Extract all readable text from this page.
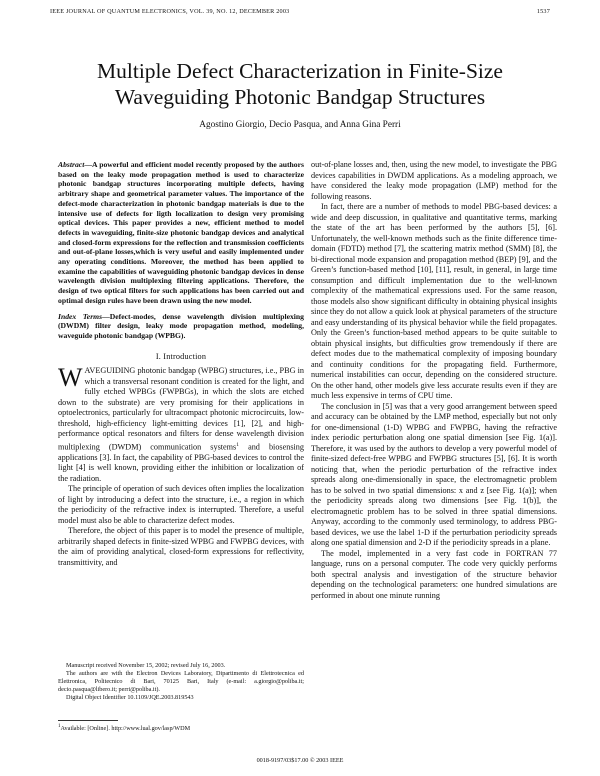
IEEE JOURNAL OF QUANTUM ELECTRONICS, VOL. 39, NO. 12, DECEMBER 2003	1537
Multiple Defect Characterization in Finite-Size
Waveguiding Photonic Bandgap Structures
Agostino Giorgio, Decio Pasqua, and Anna Gina Perri
Abstract—A powerful and efficient model recently proposed by the authors based on the leaky mode propagation method is used to characterize photonic bandgap structures incorporating multiple defects, having arbitrary shape and geometrical parameter values. The importance of the defect-mode characterization in photonic bandgap materials is due to the intensive use of defects for ligth localization to design very promising optical devices. This paper provides a new, efficient method to model defects in waveguiding, finite-size photonic bandgap devices and analytical and closed-form expressions for the reflection and transmission coefficients and out-of-plane losses,which is very useful and easily implemented under any operating conditions. Moreover, the method has been applied to examine the capabilities of waveguiding photonic bandgap devices in dense wavelength division multiplexing filtering applications. Therefore, the design of two optical filters for such applications has been carried out and optimal design rules have been drawn using the new model.
Index Terms—Defect-modes, dense wavelength division multiplexing (DWDM) filter design, leaky mode propagation method, modeling, waveguide photonic bandgap (WPBG).
I. Introduction

WAVEGUIDING photonic bandgap (WPBG) structures, i.e., PBG in which a transversal resonant condition is created for the light, and fully etched WPBGs (FWPBGs), in which the slots are etched down to the substrate) are very promising for their applications in optoelectronics, particularly for ultracompact photonic microcircuits, low-threshold, high-efficiency light-emitting devices [1], [2], and high-performance optical resonators and filters for dense wavelength division multiplexing (DWDM) communication systems$^1$ and biosensing applications [3]. In fact, the capability of PBG-based devices to control the light [4] is well known, providing either the inhibition or localization of the radiation.

The principle of operation of such devices often implies the localization of light by introducing a defect into the structure, i.e., a region in which the periodicity of the refractive index is interrupted. Therefore, a useful model must also be able to characterize defect modes.

Therefore, the object of this paper is to model the presence of multiple, arbitrarily shaped defects in finite-sized WPBG and FWPBG devices, with the aim of providing analytical, closed-form expressions for reflectivity, transmittivity, and

out-of-plane losses and, then, using the new model, to investigate the PBG devices capabilities in DWDM applications. As a modeling approach, we have considered the leaky mode propagation (LMP) method for the following reasons.

In fact, there are a number of methods to model PBG-based devices: a wide and deep discussion, in qualitative and quantitative terms, marking the state of the art has been performed by the authors [5], [6]. Unfortunately, the well-known methods such as the finite difference time-domain (FDTD) method [7], the scattering matrix method (SMM) [8], the bi-directional mode expansion and propagation method (BEP) [9], and the Green’s function-based method [10], [11], result, in general, in large time consumption and difficult implementation due to the well-known complexity of the mathematical expressions used. For the same reason, those models also show significant difficulty in obtaining physical insights since they do not allow a quick look at physical parameters of the structure and easy understanding of its physical behavior while the field propagates. Only the Green’s function-based method appears to be quite suitable to obtain physical insights, but difficulties grow tremendously if there are defect modes due to the mathematical complexity of imposing boundary and continuity conditions for the propagating field. Furthermore, numerical instabilities can occur, depending on the considered structure. On the other hand, other models give less accurate results even if they are much less expensive in terms of CPU time.

The conclusion in [5] was that a very good arrangement between speed and accuracy can be obtained by the LMP method, especially but not only for one-dimensional (1-D) WPBG and FWPBG, having the refractive index periodic perturbation along one spatial dimension [see Fig. 1(a)]. Therefore, it was used by the authors to develop a very powerful model of finite-sized defect-free WPBG and FWPBG structures [5], [6]. It is worth noticing that, when the periodic perturbation of the refractive index spreads along one-dimensionally in space, the electromagnetic problem has to be solved in two spatial dimensions: x and z [see Fig. 1(a)]; when the periodicity spreads along two dimensions [see Fig. 1(b)], the electromagnetic problem has to be solved in three spatial dimensions. Anyway, according to the commonly used terminology, to address PBG-based devices, we use the label 1-D if the perturbation periodicity spreads along one spatial dimension and 2-D if the periodicity spreads in a plane.

The model, implemented in a very fast code in FORTRAN 77 language, runs on a personal computer. The code very quickly performs both spectral analysis and investigation of the structure behavior depending on the technological parameters: one hundred simulations are performed in about one minute running

Manuscript received November 15, 2002; revised July 16, 2003.

The authors are with the Electron Devices Laboratory, Dipartimento di Elettrotecnica ed Elettronica, Politecnico di Bari, 70125 Bari, Italy (e-mail: a.giorgio@poliba.it; decio.pasqua@libero.it; perri@poliba.it).

Digital Object Identifier 10.1109/JQE.2003.819543

$^1$Available: [Online]. http://www.lual.gov/lasp/WDM
0018-9197/03$17.00 © 2003 IEEE
